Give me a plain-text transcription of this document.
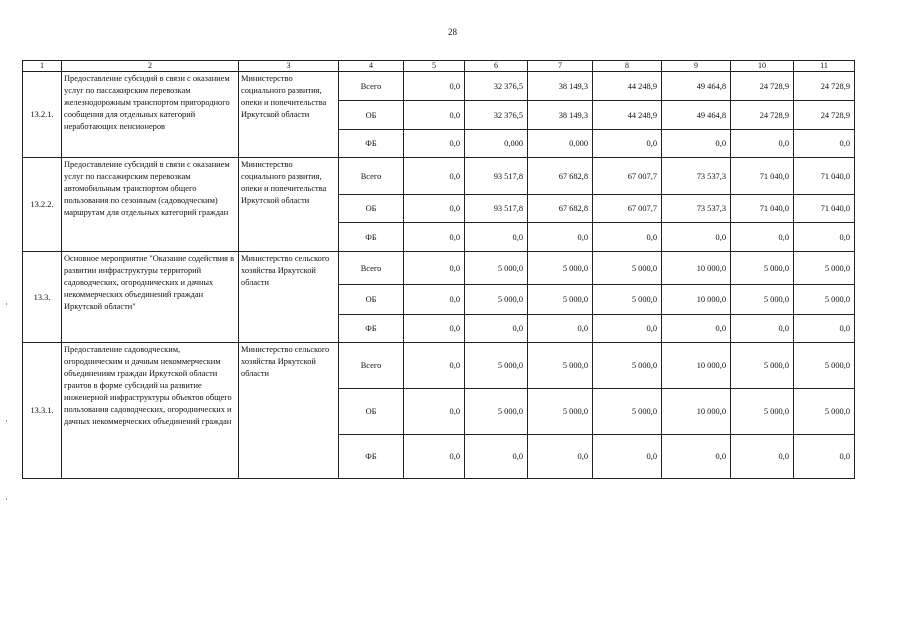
28
1	2	3	4	5	6	7	8	9	10	11
13.2.1.	Предоставление субсидий в связи с оказанием услуг по пассажирским перевозкам железнодорожным транспортом пригородного сообщения для отдельных категорий неработающих пенсионеров	Министерство социального развития, опеки и попечительства Иркутской области	Всего	0,0	32 376,5	38 149,3	44 248,9	49 464,8	24 728,9	24 728,9
			ОБ	0,0	32 376,5	38 149,3	44 248,9	49 464,8	24 728,9	24 728,9
			ФБ	0,0	0,000	0,000	0,0	0,0	0,0	0,0
13.2.2.	Предоставление субсидий в связи с оказанием услуг по пассажирским перевозкам автомобильным транспортом общего пользования по сезонным (садоводческим) маршрутам для отдельных категорий граждан	Министерство социального развития, опеки и попечительства Иркутской области	Всего	0,0	93 517,8	67 682,8	67 007,7	73 537,3	71 040,0	71 040,0
			ОБ	0,0	93 517,8	67 682,8	67 007,7	73 537,3	71 040,0	71 040,0
			ФБ	0,0	0,0	0,0	0,0	0,0	0,0	0,0
13.3.	Основное мероприятие "Оказание содействия в развитии инфраструктуры территорий садоводческих, огороднических и дачных некоммерческих объединений граждан Иркутской области"	Министерство сельского хозяйства Иркутской области	Всего	0,0	5 000,0	5 000,0	5 000,0	10 000,0	5 000,0	5 000,0
			ОБ	0,0	5 000,0	5 000,0	5 000,0	10 000,0	5 000,0	5 000,0
			ФБ	0,0	0,0	0,0	0,0	0,0	0,0	0,0
13.3.1.	Предоставление садоводческим, огородническим и дачным некоммерческим объединениям граждан Иркутской области грантов в форме субсидий на развитие инженерной инфраструктуры объектов общего пользования садоводческих, огороднических и дачных некоммерческих объединений граждан	Министерство сельского хозяйства Иркутской области	Всего	0,0	5 000,0	5 000,0	5 000,0	10 000,0	5 000,0	5 000,0
			ОБ	0,0	5 000,0	5 000,0	5 000,0	10 000,0	5 000,0	5 000,0
			ФБ	0,0	0,0	0,0	0,0	0,0	0,0	0,0
